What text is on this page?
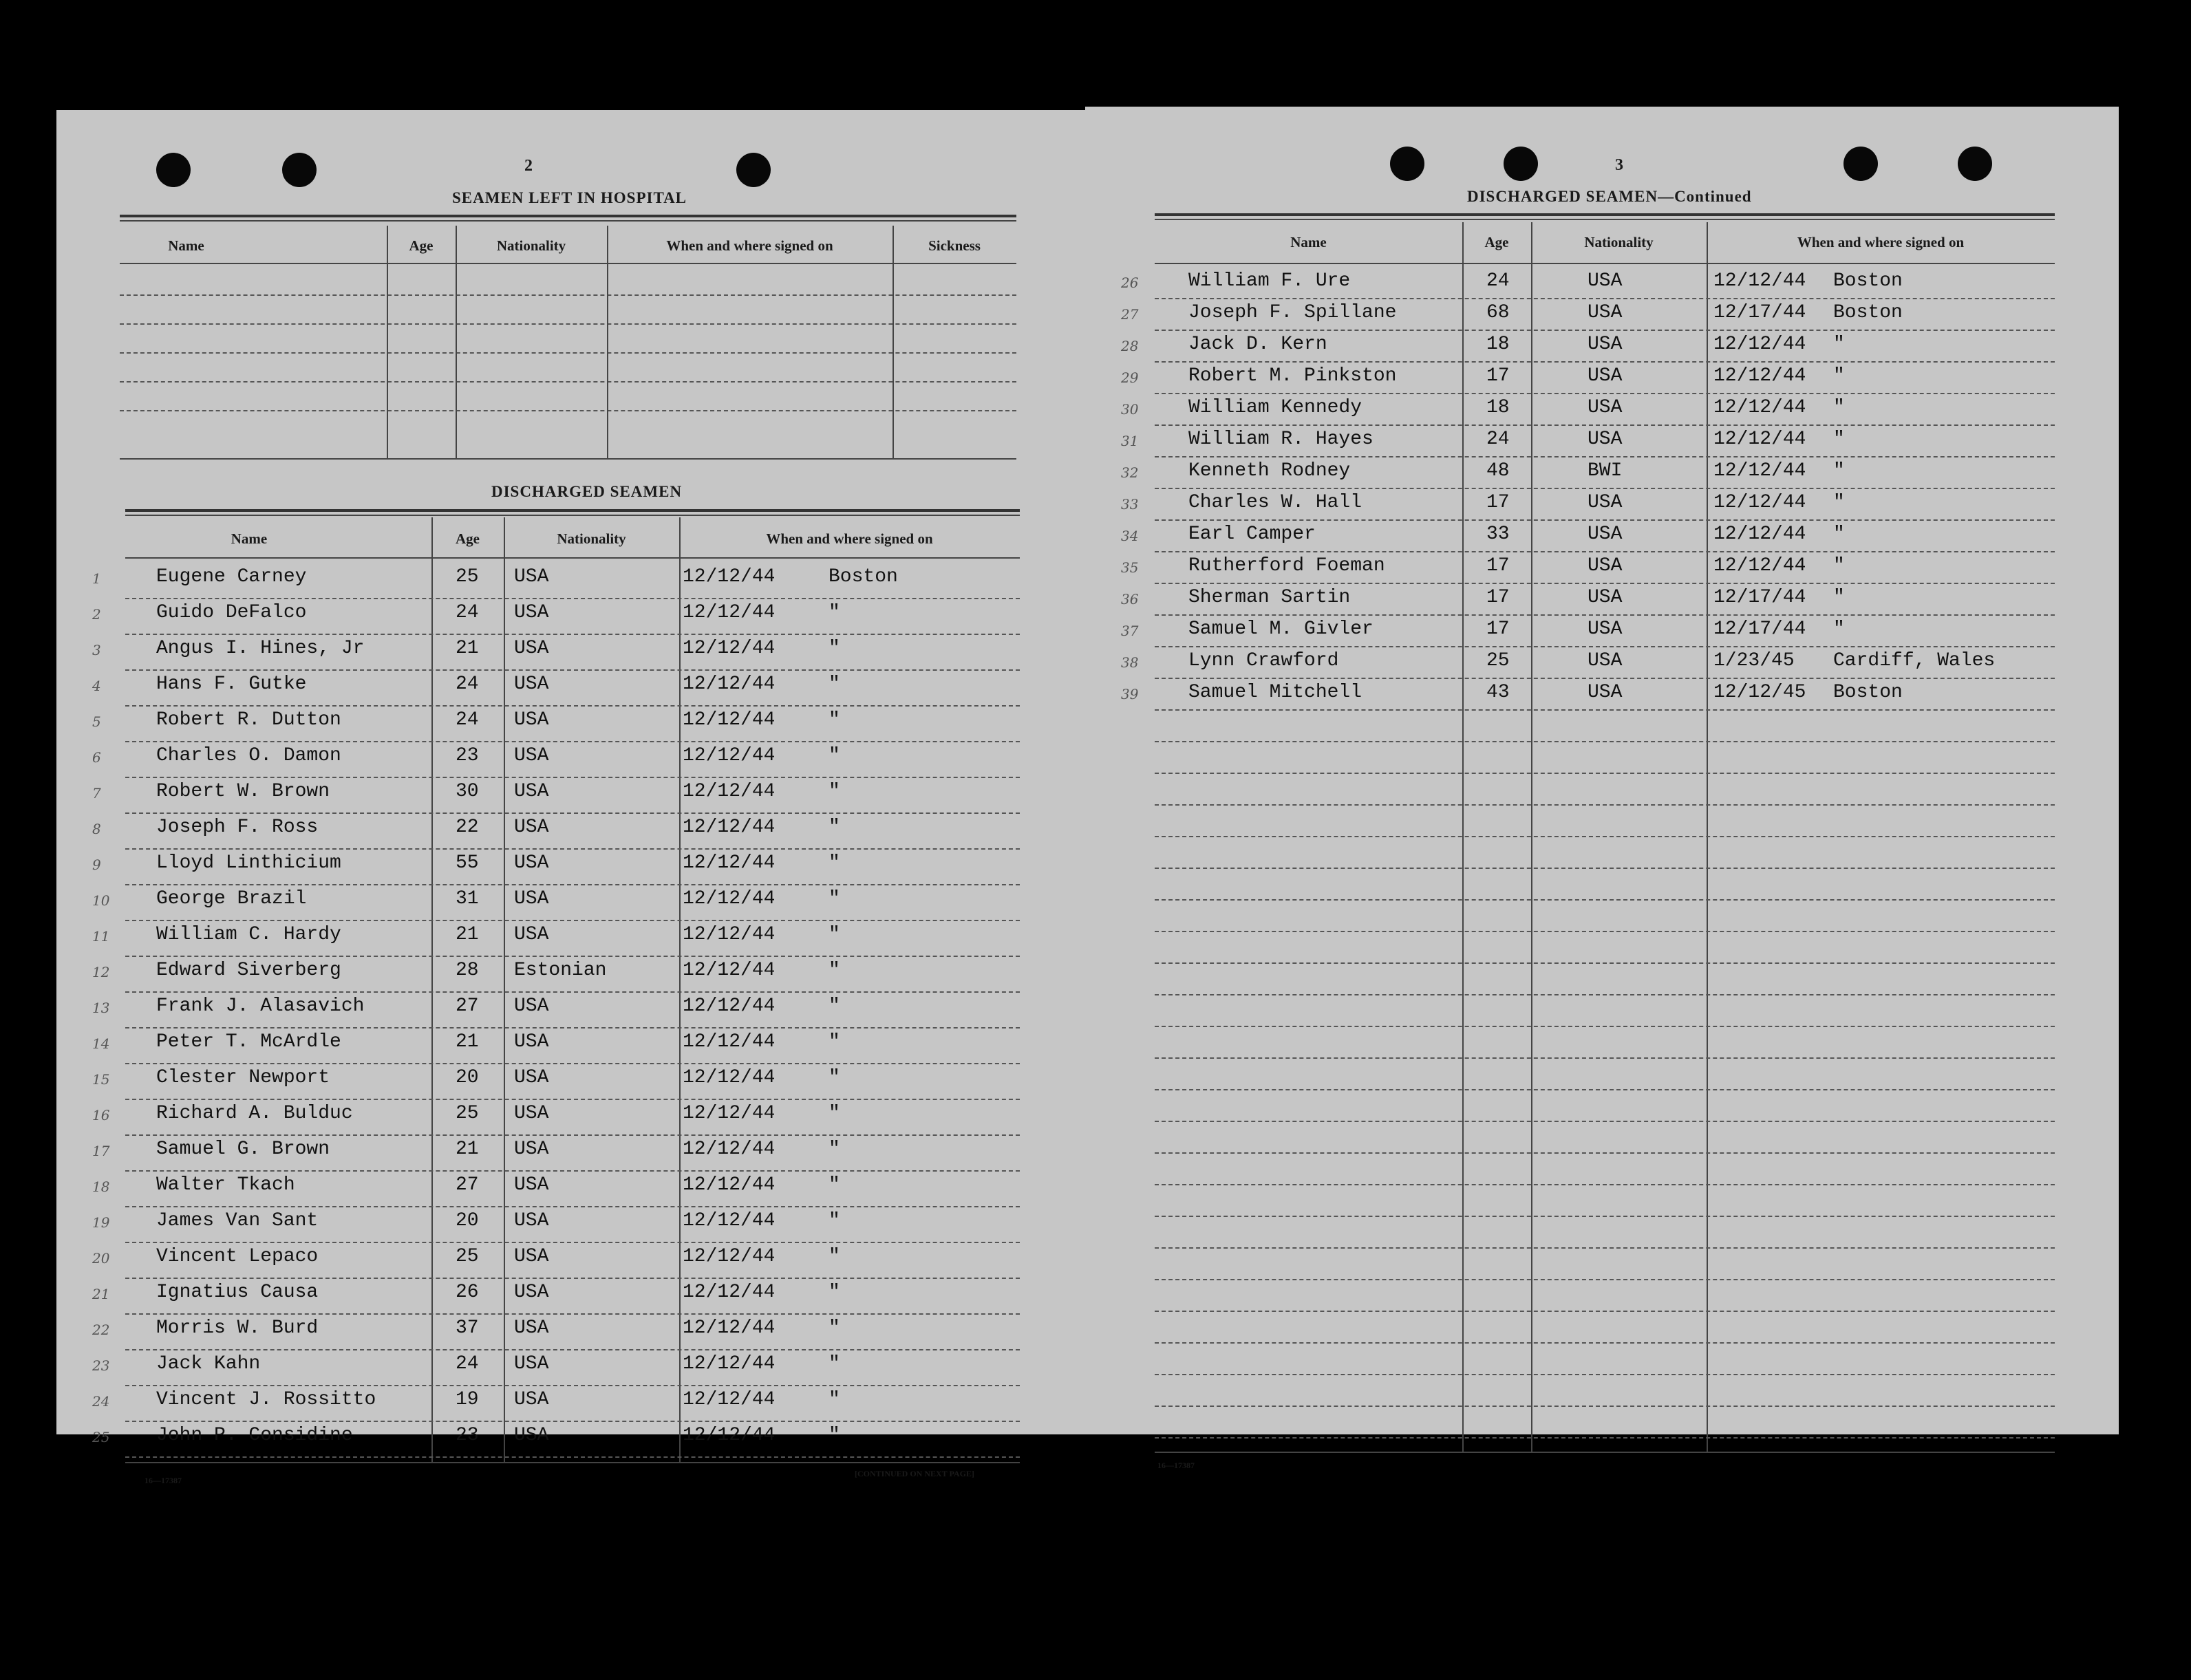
2
SEAMEN LEFT IN HOSPITAL
Name	Age	Nationality	When and where signed on	Sickness
DISCHARGED SEAMEN
Name	Age	Nationality	When and where signed on
1	Eugene Carney	25 USA	12/12/44	Boston
2	Guido DeFalco	24 USA	12/12/44	"
3	Angus I. Hines, Jr	21 USA	12/12/44	"
4	Hans F. Gutke	24 USA	12/12/44	"
5	Robert R. Dutton	24 USA	12/12/44	"
6	Charles O. Damon	23 USA	12/12/44	"
7	Robert W. Brown	30 USA	12/12/44	"
8	Joseph F. Ross	22 USA	12/12/44	"
9	Lloyd Linthicium	55 USA	12/12/44	"
10 George Brazil	31 USA	12/12/44	"
11 William C. Hardy	21 USA	12/12/44	"
12 Edward Siverberg	28 Estonian	12/12/44	"
13 Frank J. Alasavich	27 USA	12/12/44	"
14 Peter T. McArdle	21 USA	12/12/44	"
15 Clester Newport	20 USA	12/12/44	"
16 Richard A. Bulduc	25 USA	12/12/44	"
17 Samuel G. Brown	21 USA	12/12/44	"
18 Walter Tkach	27 USA	12/12/44	"
19 James Van Sant	20 USA	12/12/44	"
20 Vincent Lepaco	25 USA	12/12/44	"
21 Ignatius Causa	26 USA	12/12/44	"
22 Morris W. Burd	37 USA	12/12/44	"
23 Jack Kahn	24 USA	12/12/44	"
24 Vincent J. Rossitto	19 USA	12/12/44	"
25 John P. Considine	23 USA	12/12/44	"
16—17387
[CONTINUED ON NEXT PAGE]
3
DISCHARGED SEAMEN—Continued
Name	Age	Nationality	When and where signed on
26	William F. Ure	24	USA	12/12/44 Boston
27	Joseph F. Spillane	68	USA	12/17/44 Boston
28	Jack D. Kern	18	USA	12/12/44 "
29	Robert M. Pinkston	17	USA	12/12/44 "
30	William Kennedy	18	USA	12/12/44 "
31	William R. Hayes	24	USA	12/12/44 "
32	Kenneth Rodney	48	BWI	12/12/44 "
33	Charles W. Hall	17	USA	12/12/44 "
34	Earl Camper	33	USA	12/12/44 "
35	Rutherford Foeman	17	USA	12/12/44 "
36	Sherman Sartin	17	USA	12/17/44 "
37	Samuel M. Givler	17	USA	12/17/44 "
38	Lynn Crawford	25	USA	1/23/45 Cardiff, Wales
39	Samuel Mitchell	43	USA	12/12/45 Boston
16—17387
